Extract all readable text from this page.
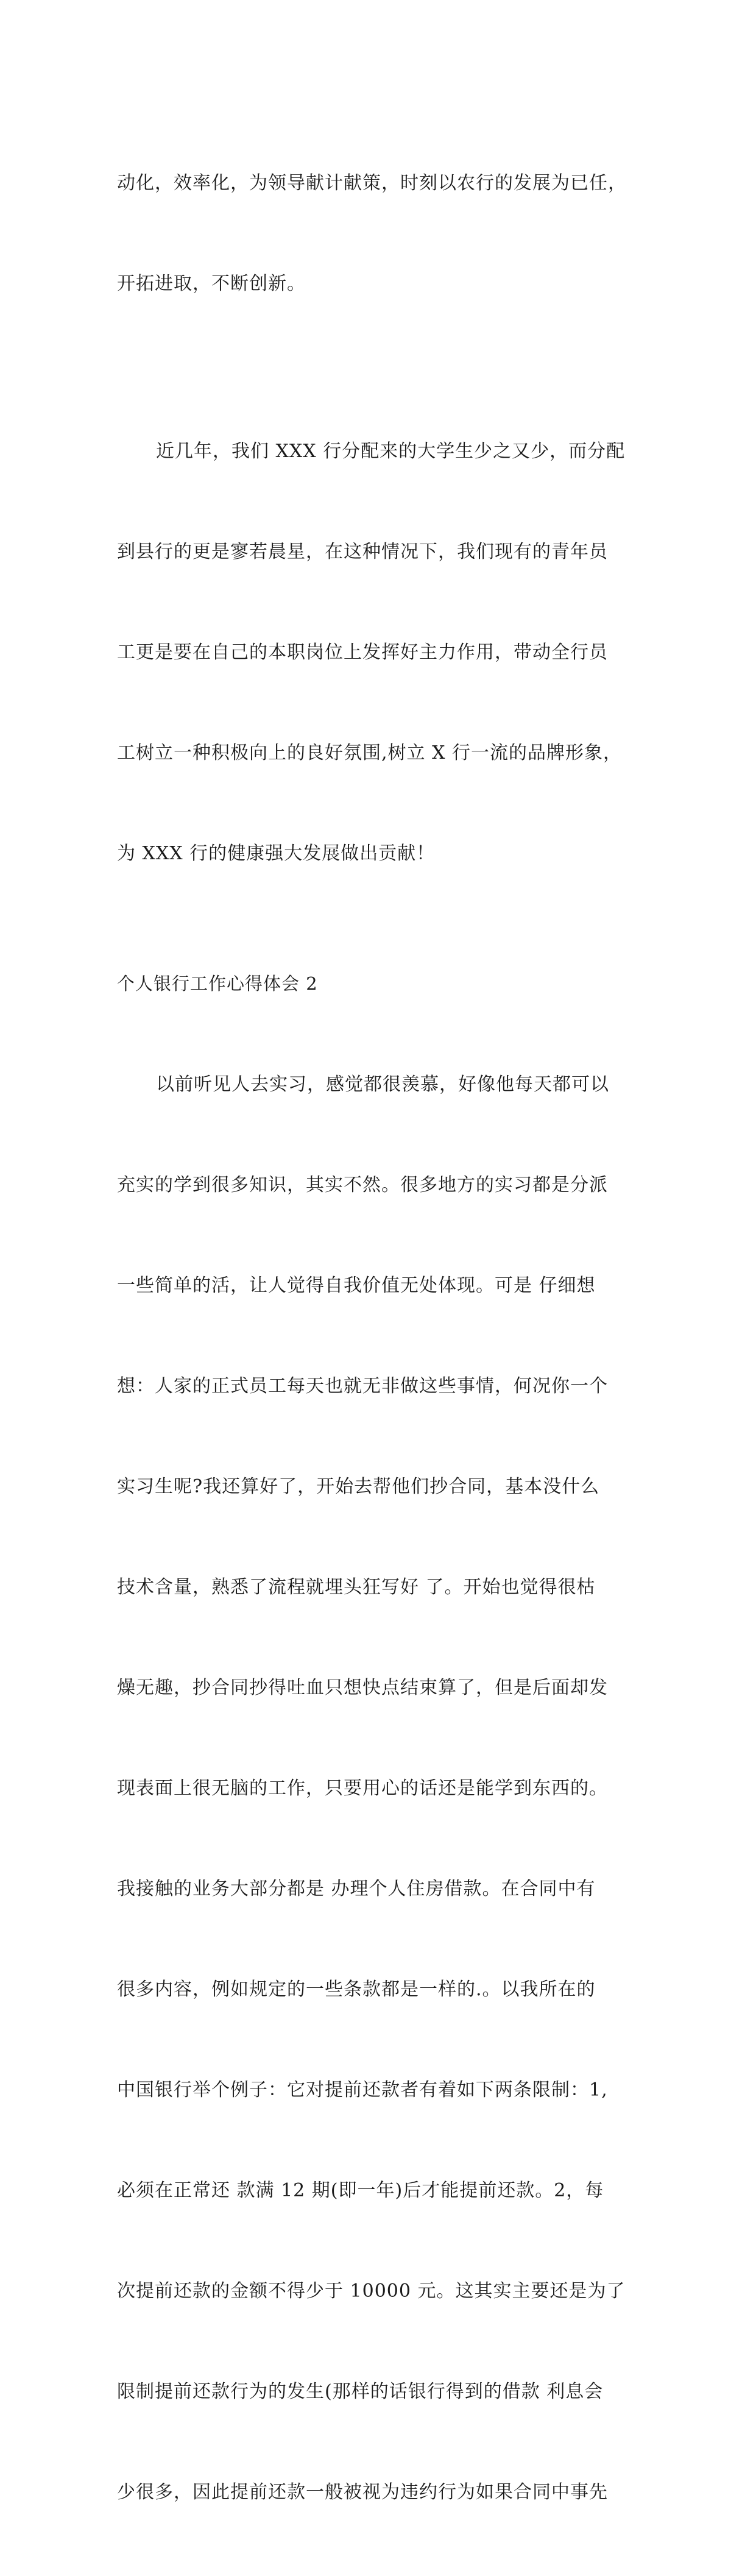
动化，效率化，为领导献计献策，时刻以农行的发展为已任，

开拓进取，不断创新。

近几年，我们 XXX 行分配来的大学生少之又少，而分配

到县行的更是寥若晨星，在这种情况下，我们现有的青年员

工更是要在自己的本职岗位上发挥好主力作用，带动全行员

工树立一种积极向上的良好氛围,树立 X 行一流的品牌形象，

为 XXX 行的健康强大发展做出贡献！

个人银行工作心得体会 2

以前听见人去实习，感觉都很羡慕，好像他每天都可以

充实的学到很多知识，其实不然。很多地方的实习都是分派

一些简单的活，让人觉得自我价值无处体现。可是 仔细想

想：人家的正式员工每天也就无非做这些事情，何况你一个

实习生呢?我还算好了，开始去帮他们抄合同，基本没什么

技术含量，熟悉了流程就埋头狂写好 了。开始也觉得很枯

燥无趣，抄合同抄得吐血只想快点结束算了，但是后面却发

现表面上很无脑的工作，只要用心的话还是能学到东西的。

我接触的业务大部分都是 办理个人住房借款。在合同中有

很多内容，例如规定的一些条款都是一样的.。以我所在的

中国银行举个例子：它对提前还款者有着如下两条限制：1,

必须在正常还 款满 12 期(即一年)后才能提前还款。2，每

次提前还款的金额不得少于 10000 元。这其实主要还是为了

限制提前还款行为的发生(那样的话银行得到的借款 利息会

少很多，因此提前还款一般被视为违约行为如果合同中事先
